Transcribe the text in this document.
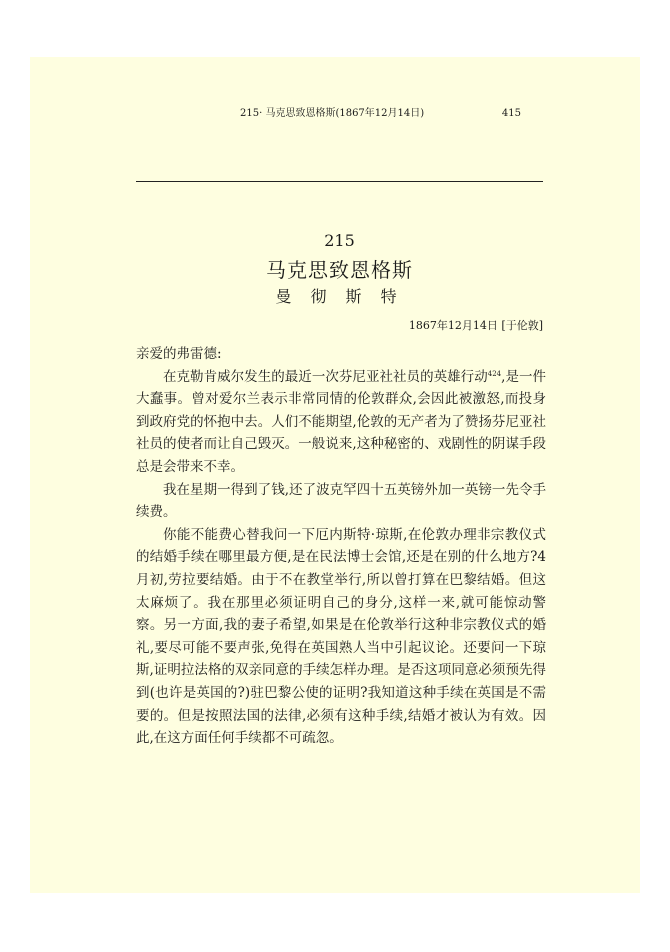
215· 马克思致恩格斯(1867年12月14日)	415
215
马克思致恩格斯
曼 彻 斯 特
1867年12月14日 [于伦敦]

亲爱的弗雷德:

在克勒肯威尔发生的最近一次芬尼亚社社员的英雄行动$^{424}$,是一件大蠢事。曾对爱尔兰表示非常同情的伦敦群众,会因此被激怒,而投身到政府党的怀抱中去。人们不能期望,伦敦的无产者为了赞扬芬尼亚社社员的使者而让自己毁灭。一般说来,这种秘密的、戏剧性的阴谋手段总是会带来不幸。

我在星期一得到了钱,还了波克罕四十五英镑外加一英镑一先令手续费。

你能不能费心替我问一下厄内斯特·琼斯,在伦敦办理非宗教仪式的结婚手续在哪里最方便,是在民法博士会馆,还是在别的什么地方?4月初,劳拉要结婚。由于不在教堂举行,所以曾打算在巴黎结婚。但这太麻烦了。我在那里必须证明自己的身分,这样一来,就可能惊动警察。另一方面,我的妻子希望,如果是在伦敦举行这种非宗教仪式的婚礼,要尽可能不要声张,免得在英国熟人当中引起议论。还要问一下琼斯,证明拉法格的双亲同意的手续怎样办理。是否这项同意必须预先得到(也许是英国的?)驻巴黎公使的证明?我知道这种手续在英国是不需要的。但是按照法国的法律,必须有这种手续,结婚才被认为有效。因此,在这方面任何手续都不可疏忽。
